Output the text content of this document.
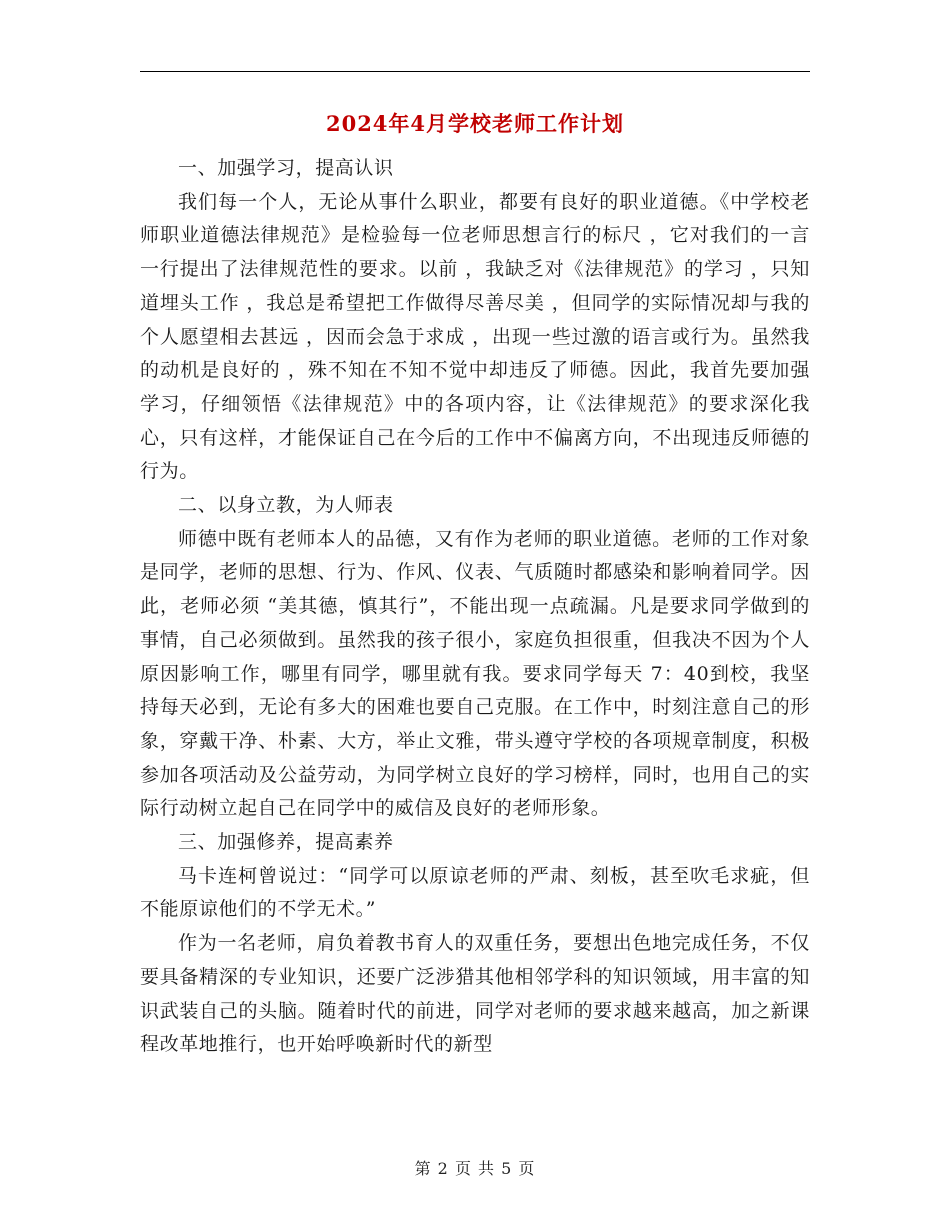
2024年4月学校老师工作计划

一、加强学习，提高认识

我们每一个人，无论从事什么职业，都要有良好的职业道德。《中学校老师职业道德法律规范》是检验每一位老师思想言行的标尺 ，它对我们的一言一行提出了法律规范性的要求。以前 ，我缺乏对《法律规范》的学习 ，只知道埋头工作 ，我总是希望把工作做得尽善尽美 ，但同学的实际情况却与我的个人愿望相去甚远 ，因而会急于求成 ，出现一些过激的语言或行为。虽然我的动机是良好的 ，殊不知在不知不觉中却违反了师德。因此，我首先要加强学习，仔细领悟《法律规范》中的各项内容，让《法律规范》的要求深化我心，只有这样，才能保证自己在今后的工作中不偏离方向，不出现违反师德的行为。

二、以身立教，为人师表

师德中既有老师本人的品德，又有作为老师的职业道德。老师的工作对象是同学，老师的思想、行为、作风、仪表、气质随时都感染和影响着同学。因此，老师必须 “美其德，慎其行”，不能出现一点疏漏。凡是要求同学做到的事情，自己必须做到。虽然我的孩子很小，家庭负担很重，但我决不因为个人原因影响工作，哪里有同学，哪里就有我。要求同学每天 7：40到校，我坚持每天必到，无论有多大的困难也要自己克服。在工作中，时刻注意自己的形象，穿戴干净、朴素、大方，举止文雅，带头遵守学校的各项规章制度，积极参加各项活动及公益劳动，为同学树立良好的学习榜样，同时，也用自己的实际行动树立起自己在同学中的威信及良好的老师形象。

三、加强修养，提高素养

马卡连柯曾说过：“同学可以原谅老师的严肃、刻板，甚至吹毛求疵，但不能原谅他们的不学无术。”

作为一名老师，肩负着教书育人的双重任务，要想出色地完成任务，不仅要具备精深的专业知识，还要广泛涉猎其他相邻学科的知识领域，用丰富的知识武装自己的头脑。随着时代的前进，同学对老师的要求越来越高，加之新课程改革地推行，也开始呼唤新时代的新型

第 2 页 共 5 页
